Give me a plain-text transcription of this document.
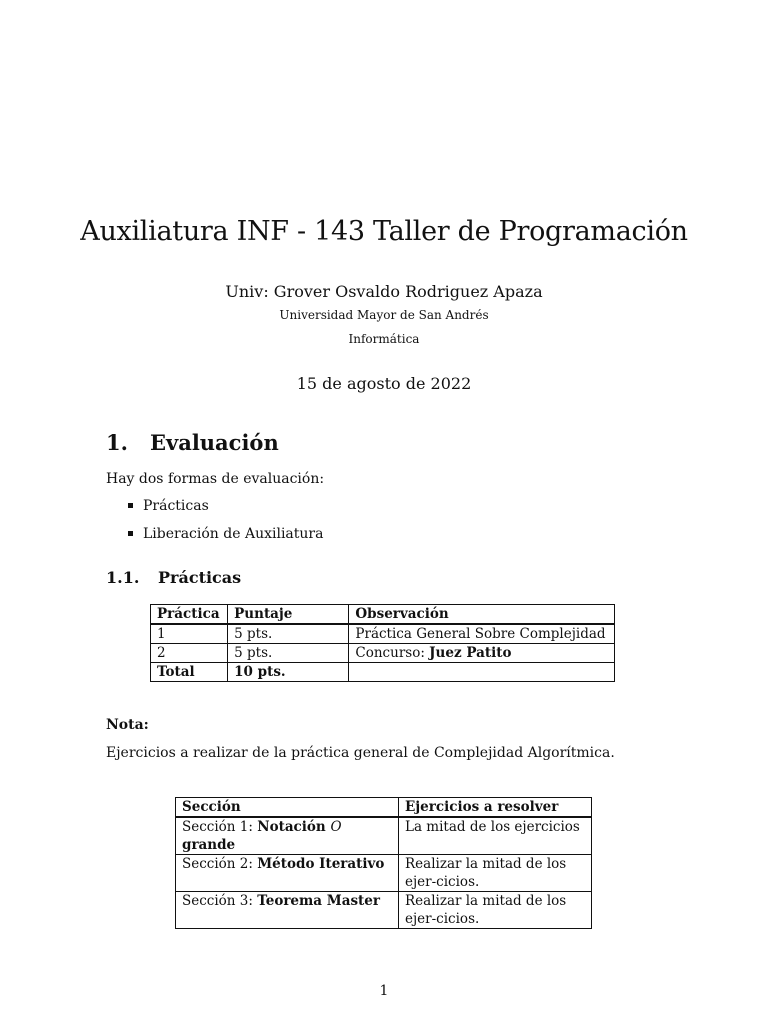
Auxiliatura INF - 143 Taller de Programación
Univ: Grover Osvaldo Rodriguez Apaza
Universidad Mayor de San Andrés
Informática
15 de agosto de 2022
1. Evaluación
Hay dos formas de evaluación:
Prácticas
Liberación de Auxiliatura
1.1. Prácticas
Práctica	Puntaje	Observación
1	5 pts.	Práctica General Sobre Complejidad
2	5 pts.	Concurso: Juez Patito
Total	10 pts.	
Nota:
Ejercicios a realizar de la práctica general de Complejidad Algorítmica.
Sección	Ejercicios a resolver
Sección 1: Notación O grande	La mitad de los ejercicios
Sección 2: Método Iterativo	Realizar la mitad de los ejer-cicios.
Sección 3: Teorema Master	Realizar la mitad de los ejer-cicios.
1
